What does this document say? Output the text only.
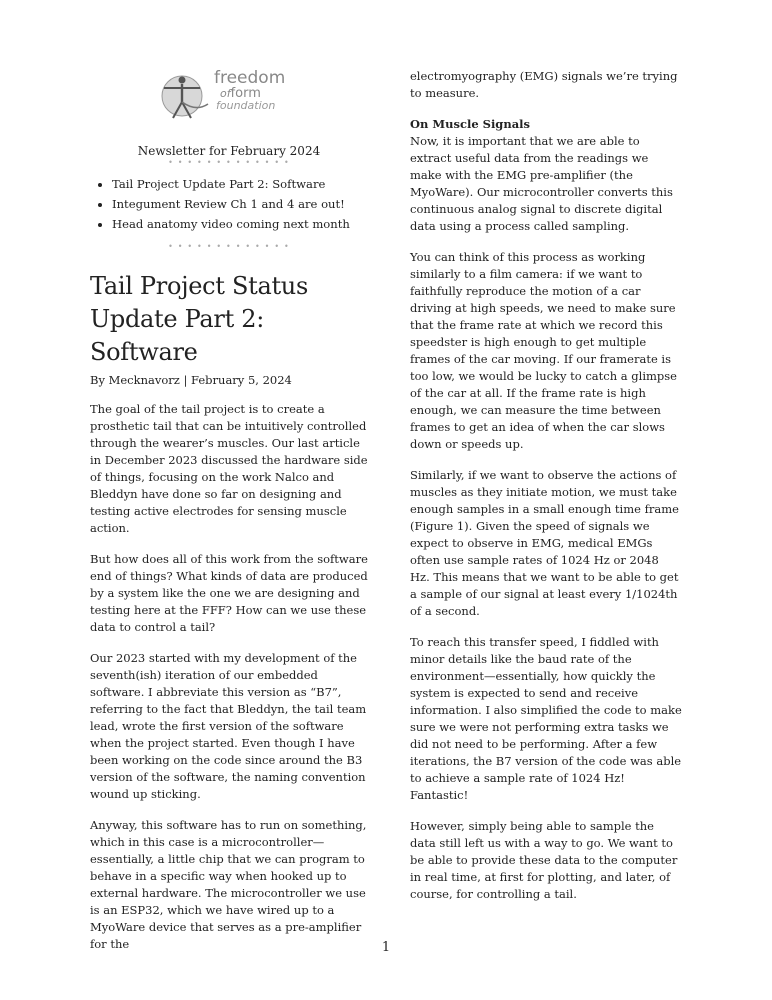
freedom
ofform
foundation
Newsletter for February 2024
• • • • • • • • • • • • •
• Tail Project Update Part 2: Software
• Integument Review Ch 1 and 4 are out!
• Head anatomy video coming next month
• • • • • • • • • • • • •
Tail Project Status
Update Part 2: Software
By Mecknavorz | February 5, 2024

The goal of the tail project is to create a prosthetic tail that can be intuitively controlled through the wearer’s muscles. Our last article in December 2023 discussed the hardware side of things, focusing on the work Nalco and Bleddyn have done so far on designing and testing active electrodes for sensing muscle action.

But how does all of this work from the software end of things? What kinds of data are produced by a system like the one we are designing and testing here at the FFF? How can we use these data to control a tail?

Our 2023 started with my development of the seventh(ish) iteration of our embedded software. I abbreviate this version as “B7”, referring to the fact that Bleddyn, the tail team lead, wrote the first version of the software when the project started. Even though I have been working on the code since around the B3 version of the software, the naming convention wound up sticking.

Anyway, this software has to run on something, which in this case is a microcontroller—essentially, a little chip that we can program to behave in a specific way when hooked up to external hardware. The microcontroller we use is an ESP32, which we have wired up to a MyoWare device that serves as a pre-amplifier for the

electromyography (EMG) signals we’re trying to measure.

On Muscle Signals

Now, it is important that we are able to extract useful data from the readings we make with the EMG pre-amplifier (the MyoWare). Our microcontroller converts this continuous analog signal to discrete digital data using a process called sampling.

You can think of this process as working similarly to a film camera: if we want to faithfully reproduce the motion of a car driving at high speeds, we need to make sure that the frame rate at which we record this speedster is high enough to get multiple frames of the car moving. If our framerate is too low, we would be lucky to catch a glimpse of the car at all. If the frame rate is high enough, we can measure the time between frames to get an idea of when the car slows down or speeds up.

Similarly, if we want to observe the actions of muscles as they initiate motion, we must take enough samples in a small enough time frame (Figure 1). Given the speed of signals we expect to observe in EMG, medical EMGs often use sample rates of 1024 Hz or 2048 Hz. This means that we want to be able to get a sample of our signal at least every 1/1024th of a second.

To reach this transfer speed, I fiddled with minor details like the baud rate of the environment—essentially, how quickly the system is expected to send and receive information. I also simplified the code to make sure we were not performing extra tasks we did not need to be performing. After a few iterations, the B7 version of the code was able to achieve a sample rate of 1024 Hz! Fantastic!

However, simply being able to sample the data still left us with a way to go. We want to be able to provide these data to the computer in real time, at first for plotting, and later, of course, for controlling a tail.

1
